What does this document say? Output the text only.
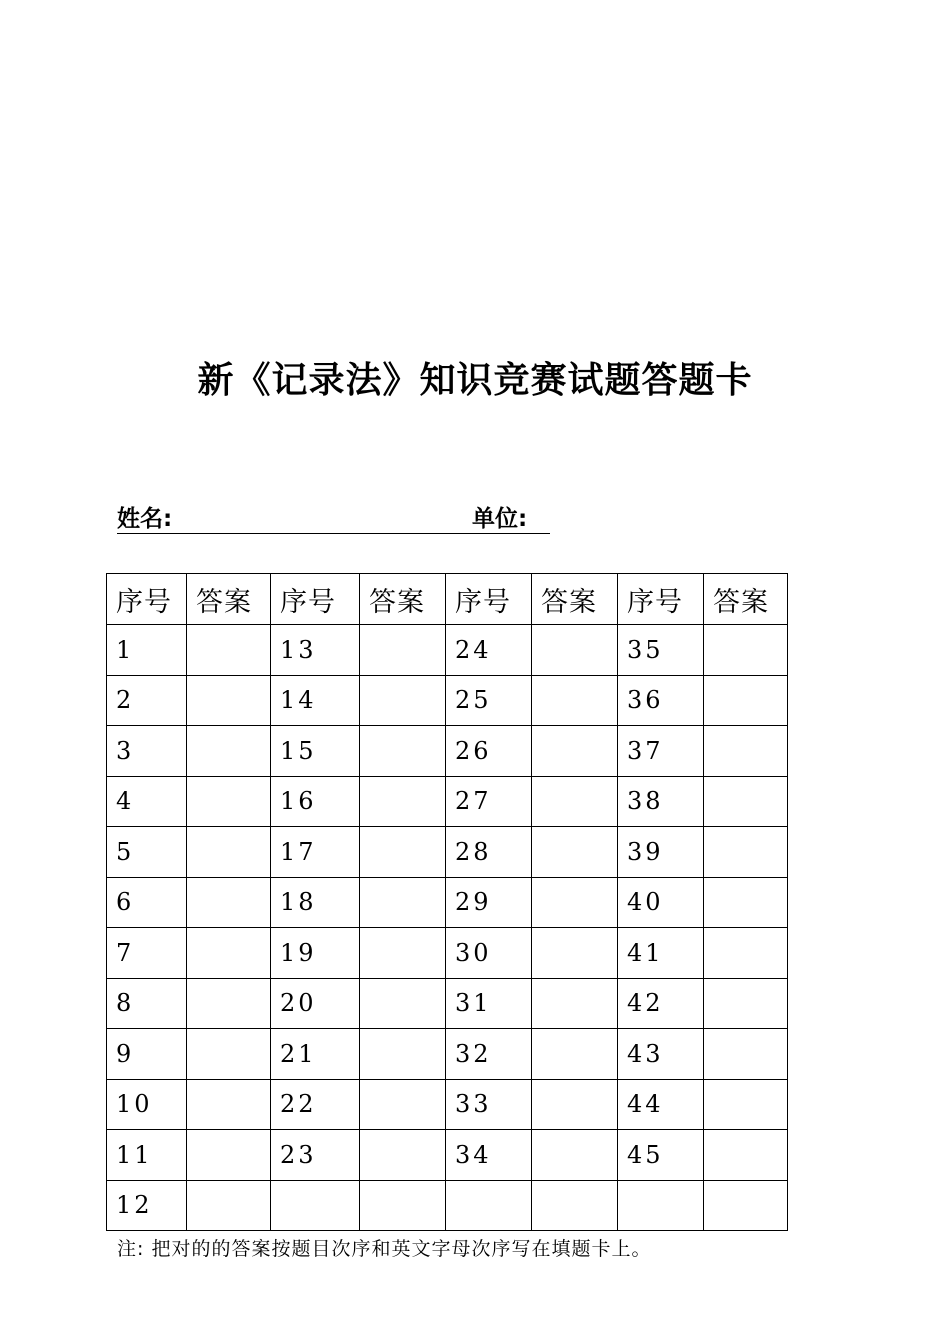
新《记录法》知识竞赛试题答题卡
姓名:	单位:
序号	答案	序号	答案	序号	答案	序号	答案
1		13		24		35	
2		14		25		36	
3		15		26		37	
4		16		27		38	
5		17		28		39	
6		18		29		40	
7		19		30		41	
8		20		31		42	
9		21		32		43	
10		22		33		44	
11		23		34		45	
12							
注: 把对的的答案按题目次序和英文字母次序写在填题卡上。
